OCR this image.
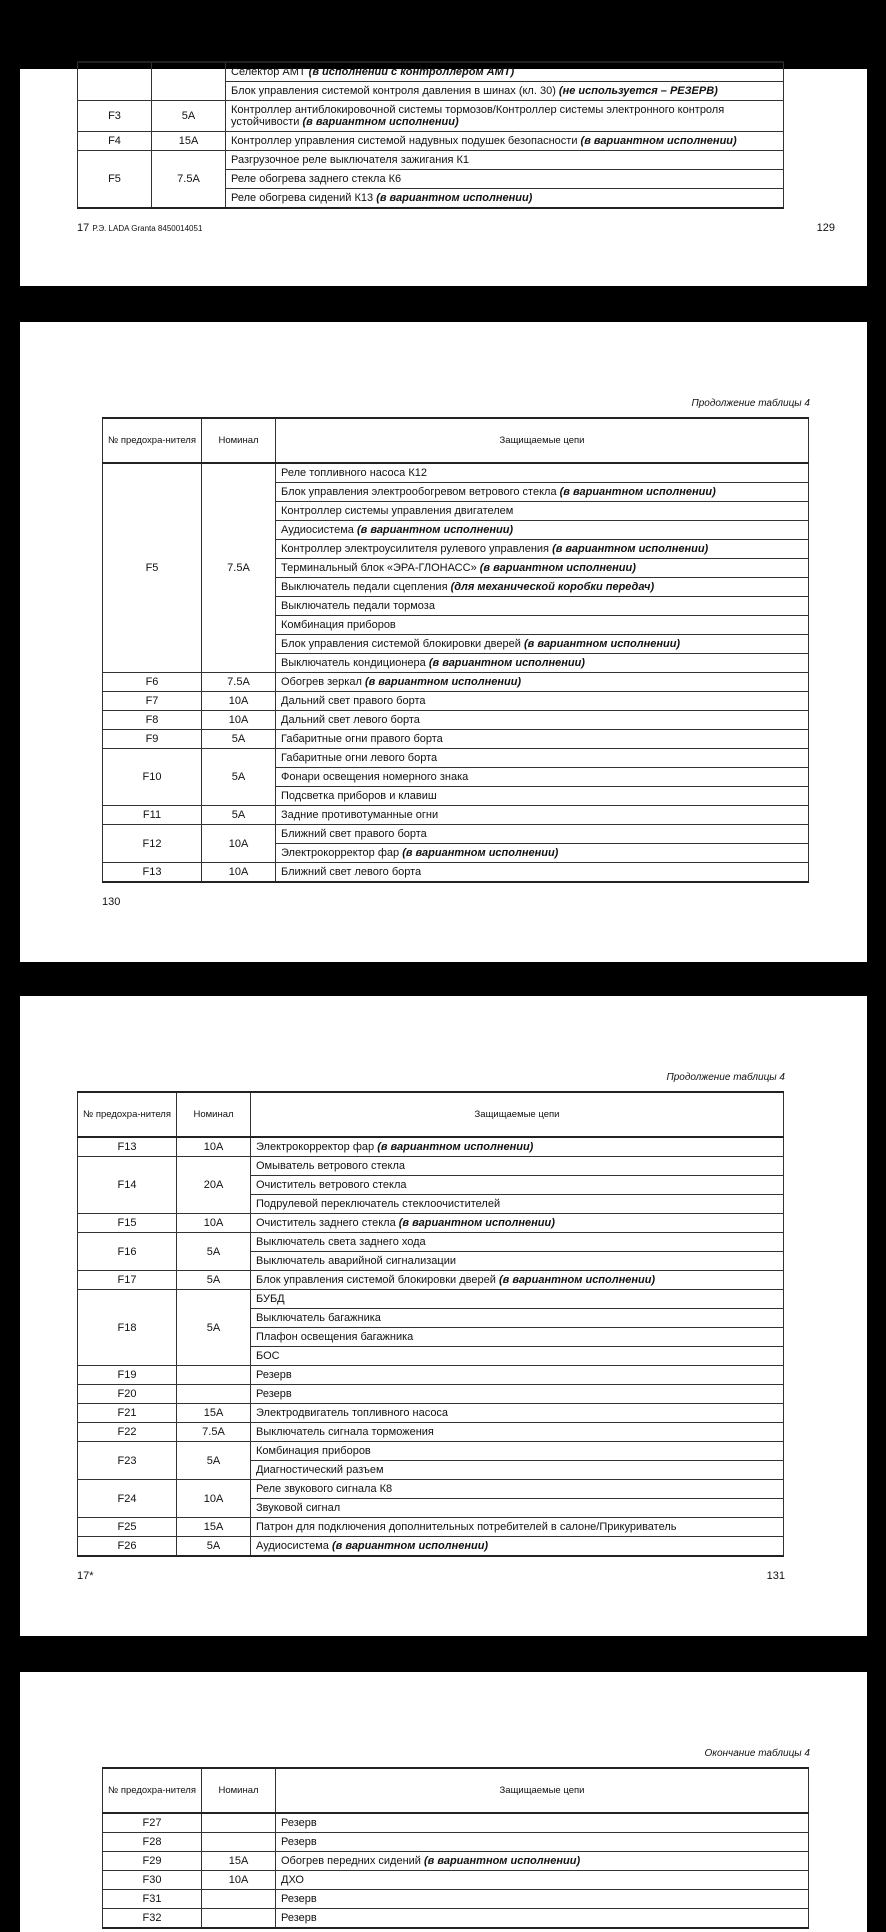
		Селектор АМТ (в исполнении с контроллером АМТ)
		Блок управления системой контроля давления в шинах (кл. 30) (не используется – РЕЗЕРВ)
F3	5A	Контроллер антиблокировочной системы тормозов/Контроллер системы электронного контроля устойчивости (в вариантном исполнении)
F4	15A	Контроллер управления системой надувных подушек безопасности (в вариантном исполнении)
F5	7.5A	Разгрузочное реле выключателя зажигания К1
		Реле обогрева заднего стекла К6
		Реле обогрева сидений К13 (в вариантном исполнении)
17 Р.Э. LADA Granta 8450014051	129
Продолжение таблицы 4
№ предохра-нителя	Номинал	Защищаемые цепи
F5	7.5A	Реле топливного насоса К12
		Блок управления электрообогревом ветрового стекла (в вариантном исполнении)
		Контроллер системы управления двигателем
		Аудиосистема (в вариантном исполнении)
		Контроллер электроусилителя рулевого управления (в вариантном исполнении)
		Терминальный блок «ЭРА-ГЛОНАСС» (в вариантном исполнении)
		Выключатель педали сцепления (для механической коробки передач)
		Выключатель педали тормоза
		Комбинация приборов
		Блок управления системой блокировки дверей (в вариантном исполнении)
		Выключатель кондиционера (в вариантном исполнении)
F6	7.5A	Обогрев зеркал (в вариантном исполнении)
F7	10A	Дальний свет правого борта
F8	10A	Дальний свет левого борта
F9	5A	Габаритные огни правого борта
F10	5A	Габаритные огни левого борта
		Фонари освещения номерного знака
		Подсветка приборов и клавиш
F11	5A	Задние противотуманные огни
F12	10A	Ближний свет правого борта
		Электрокорректор фар (в вариантном исполнении)
F13	10A	Ближний свет левого борта
130
Продолжение таблицы 4
№ предохра-нителя	Номинал	Защищаемые цепи
F13	10A	Электрокорректор фар (в вариантном исполнении)
F14	20A	Омыватель ветрового стекла
		Очиститель ветрового стекла
		Подрулевой переключатель стеклоочистителей
F15	10A	Очиститель заднего стекла (в вариантном исполнении)
F16	5A	Выключатель света заднего хода
		Выключатель аварийной сигнализации
F17	5A	Блок управления системой блокировки дверей (в вариантном исполнении)
F18	5A	БУБД
		Выключатель багажника
		Плафон освещения багажника
		БОС
F19		Резерв
F20		Резерв
F21	15A	Электродвигатель топливного насоса
F22	7.5A	Выключатель сигнала торможения
F23	5A	Комбинация приборов
		Диагностический разъем
F24	10A	Реле звукового сигнала К8
		Звуковой сигнал
F25	15A	Патрон для подключения дополнительных потребителей в салоне/Прикуриватель
F26	5A	Аудиосистема (в вариантном исполнении)
17*	131
Окончание таблицы 4
№ предохра-нителя	Номинал	Защищаемые цепи
F27		Резерв
F28		Резерв
F29	15A	Обогрев передних сидений (в вариантном исполнении)
F30	10A	ДХО
F31		Резерв
F32		Резерв
